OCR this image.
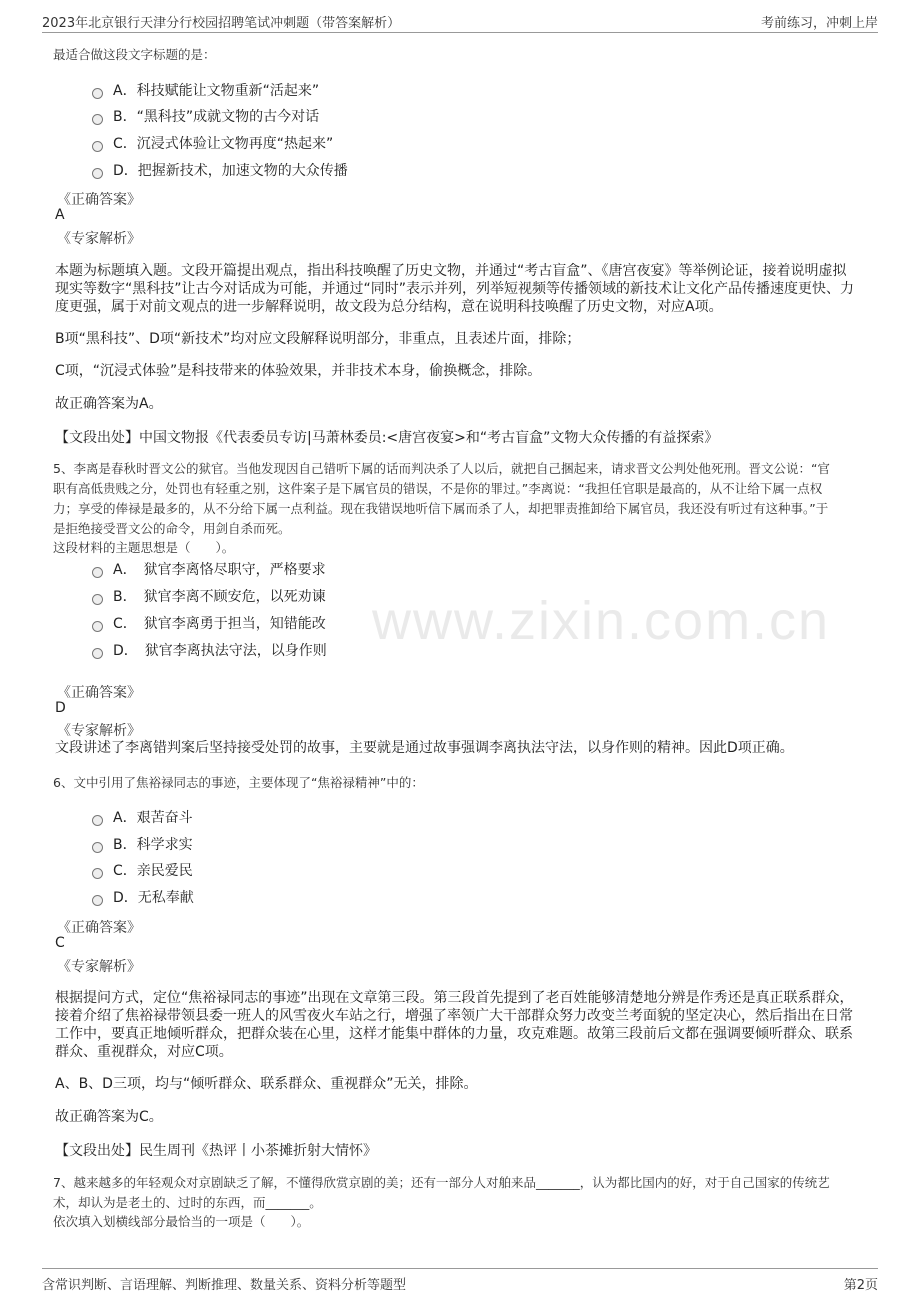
2023年北京银行天津分行校园招聘笔试冲刺题（带答案解析）	考前练习，冲刺上岸
www.zixin.com.cn
最适合做这段文字标题的是：
A．科技赋能让文物重新“活起来”
B．“黑科技”成就文物的古今对话
C．沉浸式体验让文物再度“热起来”
D．把握新技术，加速文物的大众传播
《正确答案》
A
《专家解析》
本题为标题填入题。文段开篇提出观点，指出科技唤醒了历史文物，并通过“考古盲盒”、《唐宫夜宴》等举例论证，接着说明虚拟现实等数字“黑科技”让古今对话成为可能，并通过“同时”表示并列，列举短视频等传播领域的新技术让文化产品传播速度更快、力度更强，属于对前文观点的进一步解释说明，故文段为总分结构，意在说明科技唤醒了历史文物，对应A项。
B项“黑科技”、D项“新技术”均对应文段解释说明部分，非重点，且表述片面，排除；
C项，“沉浸式体验”是科技带来的体验效果，并非技术本身，偷换概念，排除。
故正确答案为A。
【文段出处】中国文物报《代表委员专访|马萧林委员:<唐宫夜宴>和“考古盲盒”文物大众传播的有益探索》
5、李离是春秋时晋文公的狱官。当他发现因自己错听下属的话而判决杀了人以后，就把自己捆起来，请求晋文公判处他死刑。晋文公说：“官
职有高低贵贱之分，处罚也有轻重之别，这件案子是下属官员的错误，不是你的罪过。”李离说：“我担任官职是最高的，从不让给下属一点权
力；享受的俸禄是最多的，从不分给下属一点利益。现在我错误地听信下属而杀了人，却把罪责推卸给下属官员，我还没有听过有这种事。”于
是拒绝接受晋文公的命令，用剑自杀而死。
这段材料的主题思想是（　　）。
A．　狱官李离恪尽职守，严格要求
B．　狱官李离不顾安危，以死劝谏
C．　狱官李离勇于担当，知错能改
D．　狱官李离执法守法，以身作则
《正确答案》
D
《专家解析》
文段讲述了李离错判案后坚持接受处罚的故事，主要就是通过故事强调李离执法守法，以身作则的精神。因此D项正确。
6、文中引用了焦裕禄同志的事迹，主要体现了“焦裕禄精神”中的：
A．艰苦奋斗
B．科学求实
C．亲民爱民
D．无私奉献
《正确答案》
C
《专家解析》
根据提问方式，定位“焦裕禄同志的事迹”出现在文章第三段。第三段首先提到了老百姓能够清楚地分辨是作秀还是真正联系群众，接着介绍了焦裕禄带领县委一班人的风雪夜火车站之行，增强了率领广大干部群众努力改变兰考面貌的坚定决心，然后指出在日常工作中，要真正地倾听群众，把群众装在心里，这样才能集中群体的力量，攻克难题。故第三段前后文都在强调要倾听群众、联系群众、重视群众，对应C项。
A、B、D三项，均与“倾听群众、联系群众、重视群众”无关，排除。
故正确答案为C。
【文段出处】民生周刊《热评丨小茶摊折射大情怀》
7、越来越多的年轻观众对京剧缺乏了解，不懂得欣赏京剧的美；还有一部分人对舶来品_______，认为都比国内的好，对于自己国家的传统艺
术，却认为是老土的、过时的东西，而_______。
依次填入划横线部分最恰当的一项是（　　）。
含常识判断、言语理解、判断推理、数量关系、资料分析等题型	第2页
